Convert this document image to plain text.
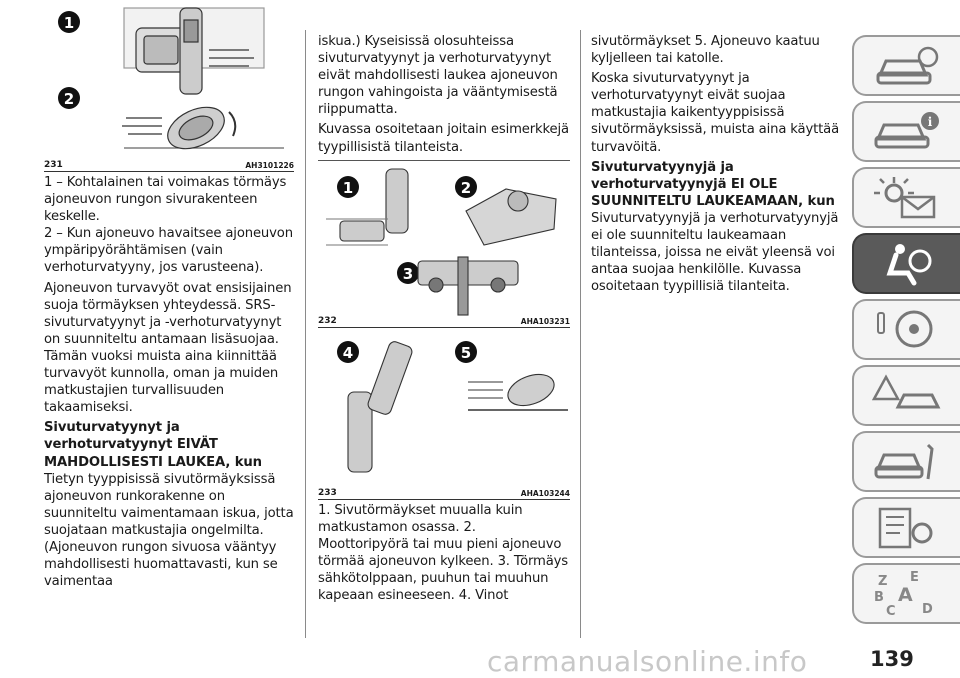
1
2
231	AH3101226

1 – Kohtalainen tai voimakas törmäys ajoneuvon rungon sivurakenteen keskelle.

2 – Kun ajoneuvo havaitsee ajoneuvon ympäripyörähtämisen (vain verhoturvatyyny, jos varusteena).

Ajoneuvon turvavyöt ovat ensisijainen suoja törmäyksen yhteydessä. SRS-sivuturvatyynyt ja -verhoturvatyynyt on suunniteltu antamaan lisäsuojaa. Tämän vuoksi muista aina kiinnittää turvavyöt kunnolla, oman ja muiden matkustajien turvallisuuden takaamiseksi.

Sivuturvatyynyt ja verhoturvatyynyt EIVÄT MAHDOLLISESTI LAUKEA, kun

Tietyn tyyppisissä sivutörmäyksissä ajoneuvon runkorakenne on suunniteltu vaimentamaan iskua, jotta suojataan matkustajia ongelmilta. (Ajoneuvon rungon sivuosa vääntyy mahdollisesti huomattavasti, kun se vaimentaa

iskua.) Kyseisissä olosuhteissa sivuturvatyynyt ja verhoturvatyynyt eivät mahdollisesti laukea ajoneuvon rungon vahingoista ja vääntymisestä riippumatta.

Kuvassa osoitetaan joitain esimerkkejä tyypillisistä tilanteista.

1	2
3
232	AHA103231
4	5
233	AHA103244

1. Sivutörmäykset muualla kuin matkustamon osassa. 2. Moottoripyörä tai muu pieni ajoneuvo törmää ajoneuvon kylkeen. 3. Törmäys sähkötolppaan, puuhun tai muuhun kapeaan esineeseen. 4. Vinot

sivutörmäykset 5. Ajoneuvo kaatuu kyljelleen tai katolle.

Koska sivuturvatyynyt ja verhoturvatyynyt eivät suojaa matkustajia kaikentyyppisissä sivutörmäyksissä, muista aina käyttää turvavöitä.

Sivuturvatyynyjä ja verhoturvatyynyjä EI OLE SUUNNITELTU LAUKEAMAAN, kun

Sivuturvatyynyjä ja verhoturvatyynyjä ei ole suunniteltu laukeamaan tilanteissa, joissa ne eivät yleensä voi antaa suojaa henkilölle. Kuvassa osoitetaan tyypillisiä tilanteita.

i
Z E
B A
C D
carmanualsonline.info	139
